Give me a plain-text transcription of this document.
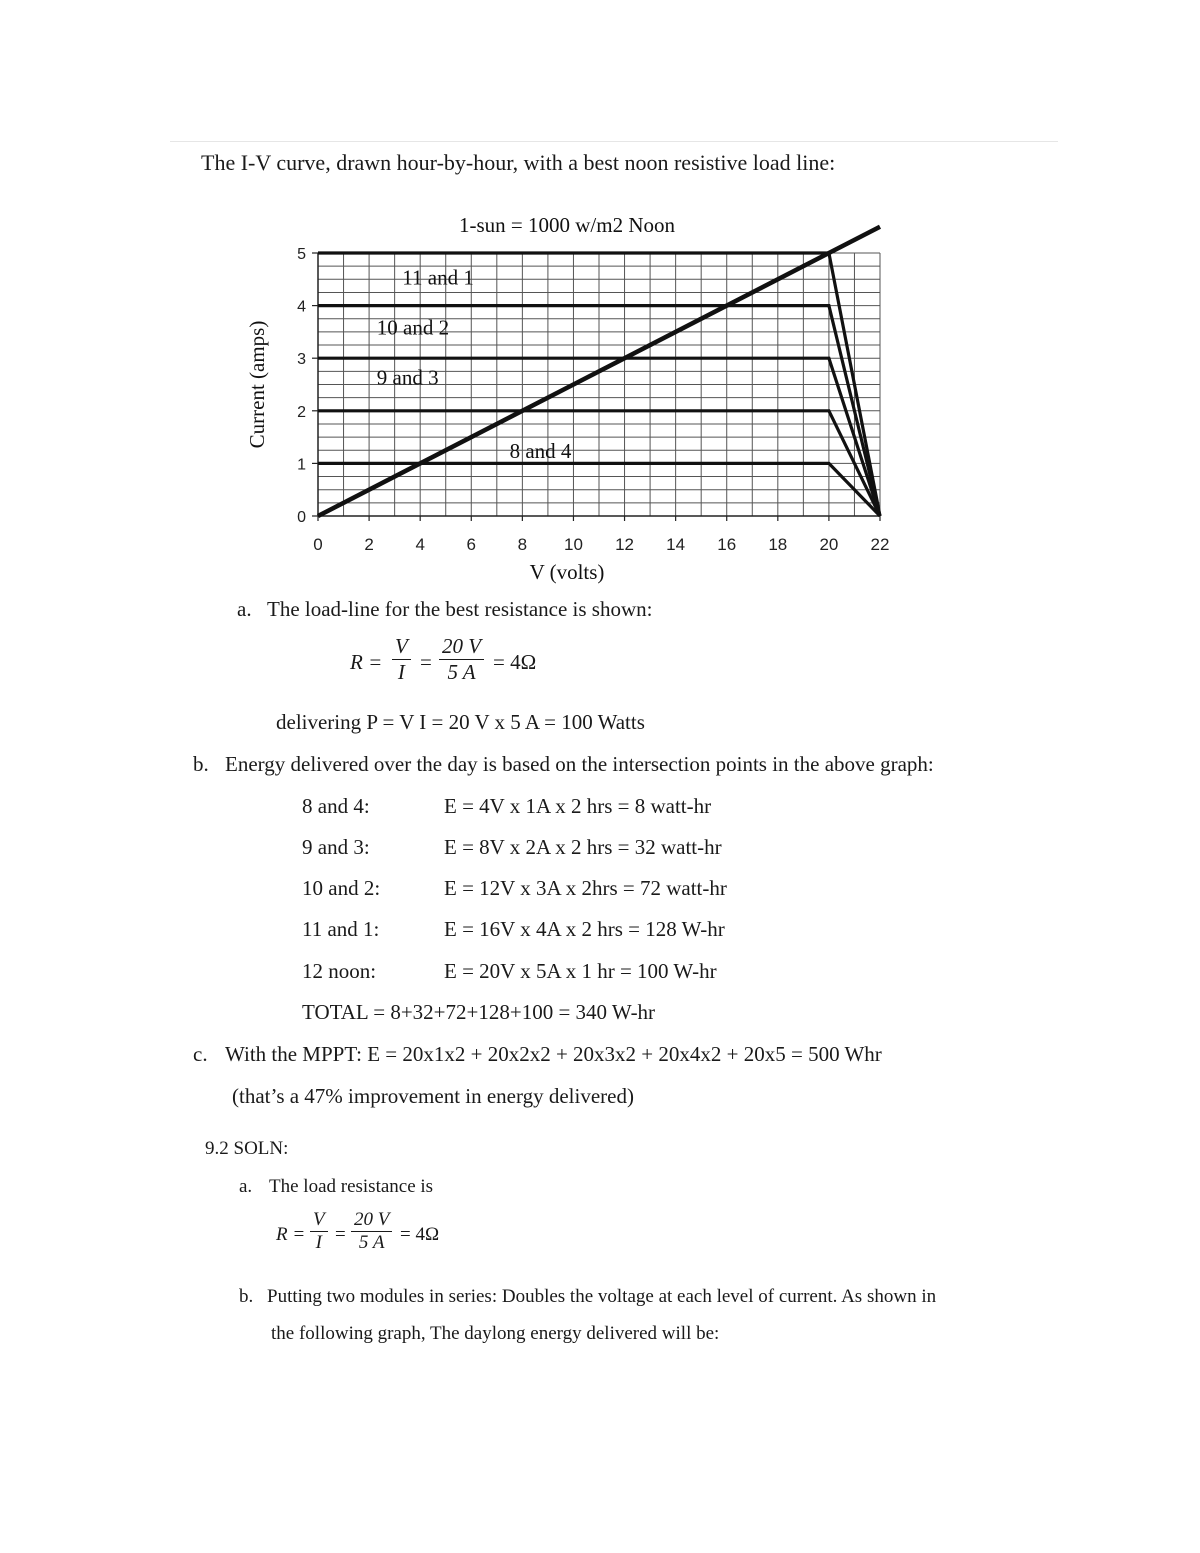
The I-V curve, drawn hour-by-hour, with a best noon resistive load line:
0 2 4 6 8 10 12 14 16 18 20 22
0
1
2
3
4
5
11 and 1
10 and 2
9 and 3
8 and 4
1-sun = 1000 w/m2 Noon
V (volts)
Current (amps)
a. The load-line for the best resistance is shown:
$R = \frac{V}{I} = \frac{20 V}{5 A} = 4\Omega$
delivering P = V I = 20 V x 5 A = 100 Watts
b. Energy delivered over the day is based on the intersection points in the above graph:
8 and 4:	E = 4V x 1A x 2 hrs = 8 watt-hr
9 and 3:	E = 8V x 2A x 2 hrs = 32 watt-hr
10 and 2:	E = 12V x 3A x 2hrs = 72 watt-hr
11 and 1:	E = 16V x 4A x 2 hrs = 128 W-hr
12 noon:	E = 20V x 5A x 1 hr = 100 W-hr
TOTAL = 8+32+72+128+100 = 340 W-hr
c. With the MPPT: E = 20x1x2 + 20x2x2 + 20x3x2 + 20x4x2 + 20x5 = 500 Whr
(that’s a 47% improvement in energy delivered)
9.2 SOLN:
a. The load resistance is
$R = \frac{V}{I} = \frac{20 V}{5 A} = 4\Omega$
b. Putting two modules in series: Doubles the voltage at each level of current. As shown in
the following graph, The daylong energy delivered will be:
